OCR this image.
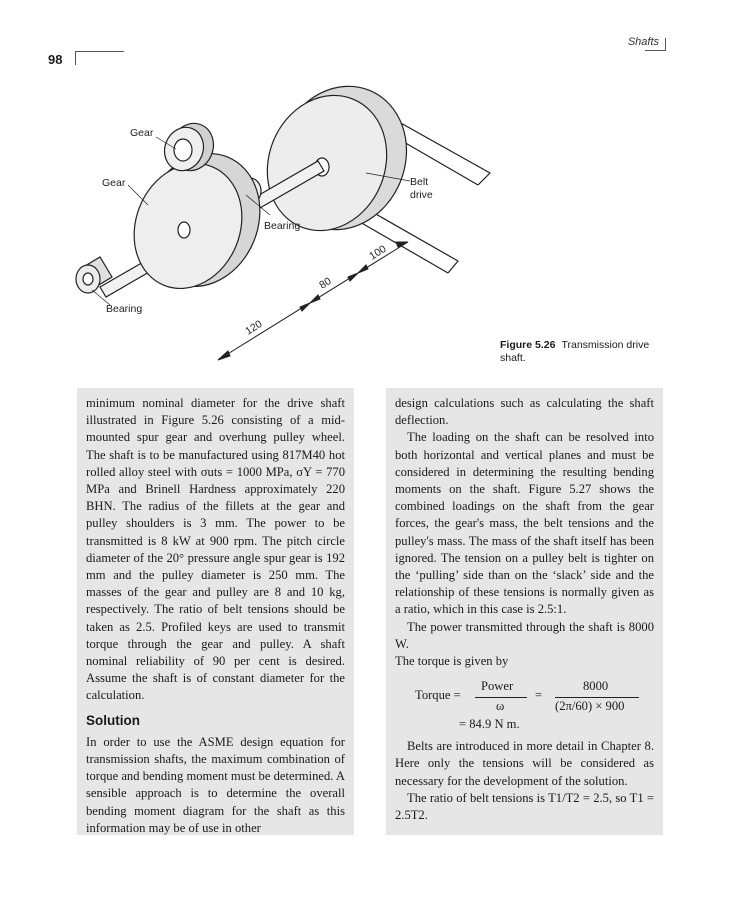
98
Shafts
Gear
Gear
Bearing
Bearing
Belt
drive
120
80
100
Figure 5.26 Transmission drive shaft.

minimum nominal diameter for the drive shaft illustrated in Figure 5.26 consisting of a mid-mounted spur gear and overhung pulley wheel. The shaft is to be manufactured using 817M40 hot rolled alloy steel with σuts = 1000 MPa, σY = 770 MPa and Brinell Hardness approximately 220 BHN. The radius of the fillets at the gear and pulley shoulders is 3 mm. The power to be transmitted is 8 kW at 900 rpm. The pitch circle diameter of the 20° pressure angle spur gear is 192 mm and the pulley diameter is 250 mm. The masses of the gear and pulley are 8 and 10 kg, respectively. The ratio of belt tensions should be taken as 2.5. Profiled keys are used to transmit torque through the gear and pulley. A shaft nominal reliability of 90 per cent is desired. Assume the shaft is of constant diameter for the calculation.

Solution

In order to use the ASME design equation for transmission shafts, the maximum combination of torque and bending moment must be determined. A sensible approach is to determine the overall bending moment diagram for the shaft as this information may be of use in other

design calculations such as calculating the shaft deflection.

The loading on the shaft can be resolved into both horizontal and vertical planes and must be considered in determining the resulting bending moments on the shaft. Figure 5.27 shows the combined loadings on the shaft from the gear forces, the gear's mass, the belt tensions and the pulley's mass. The mass of the shaft itself has been ignored. The tension on a pulley belt is tighter on the ‘pulling’ side than on the ‘slack’ side and the relationship of these tensions is normally given as a ratio, which in this case is 2.5:1.

The power transmitted through the shaft is 8000 W.

The torque is given by

Torque =
Power
ω
=
8000
(2π/60) × 900
= 84.9 N m.

Belts are introduced in more detail in Chapter 8. Here only the tensions will be considered as necessary for the development of the solution.

The ratio of belt tensions is T1/T2 = 2.5, so T1 = 2.5T2.
